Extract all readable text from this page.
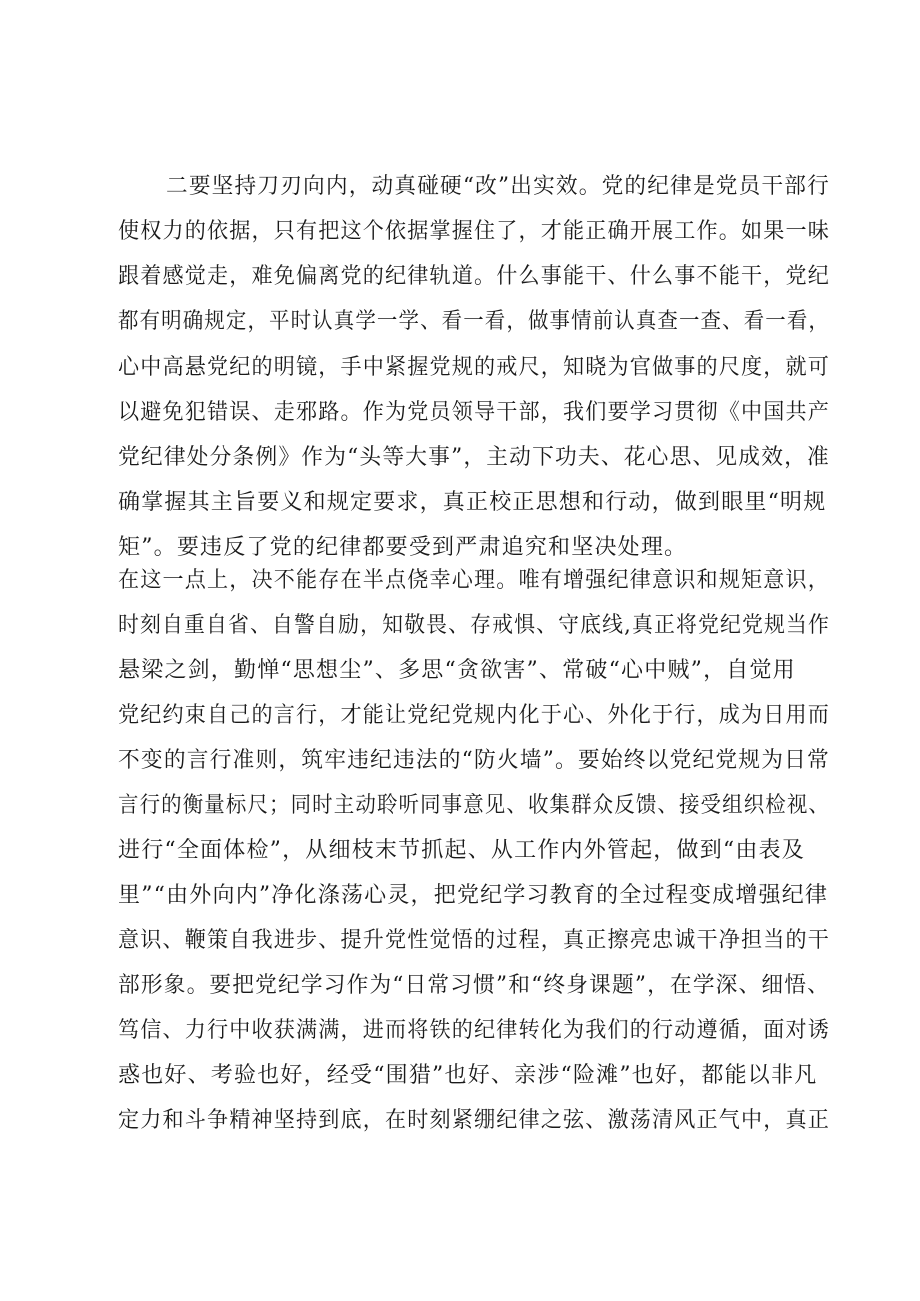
二要坚持刀刃向内，动真碰硬“改”出实效。党的纪律是党员干部行
使权力的依据，只有把这个依据掌握住了，才能正确开展工作。如果一味
跟着感觉走，难免偏离党的纪律轨道。什么事能干、什么事不能干，党纪
都有明确规定，平时认真学一学、看一看，做事情前认真查一查、看一看，
心中高悬党纪的明镜，手中紧握党规的戒尺，知晓为官做事的尺度，就可
以避免犯错误、走邪路。作为党员领导干部，我们要学习贯彻《中国共产
党纪律处分条例》作为“头等大事”，主动下功夫、花心思、见成效，准
确掌握其主旨要义和规定要求，真正校正思想和行动，做到眼里“明规
矩”。要违反了党的纪律都要受到严肃追究和坚决处理。
在这一点上，决不能存在半点侥幸心理。唯有增强纪律意识和规矩意识，
时刻自重自省、自警自励，知敬畏、存戒惧、守底线,真正将党纪党规当作
悬梁之剑，勤惮“思想尘”、多思“贪欲害”、常破“心中贼”，自觉用
党纪约束自己的言行，才能让党纪党规内化于心、外化于行，成为日用而
不变的言行准则，筑牢违纪违法的“防火墙”。要始终以党纪党规为日常
言行的衡量标尺；同时主动聆听同事意见、收集群众反馈、接受组织检视、
进行“全面体检”，从细枝末节抓起、从工作内外管起，做到“由表及
里”“由外向内”净化涤荡心灵，把党纪学习教育的全过程变成增强纪律
意识、鞭策自我进步、提升党性觉悟的过程，真正擦亮忠诚干净担当的干
部形象。要把党纪学习作为“日常习惯”和“终身课题”，在学深、细悟、
笃信、力行中收获满满，进而将铁的纪律转化为我们的行动遵循，面对诱
惑也好、考验也好，经受“围猎”也好、亲涉“险滩”也好，都能以非凡
定力和斗争精神坚持到底，在时刻紧绷纪律之弦、激荡清风正气中，真正
